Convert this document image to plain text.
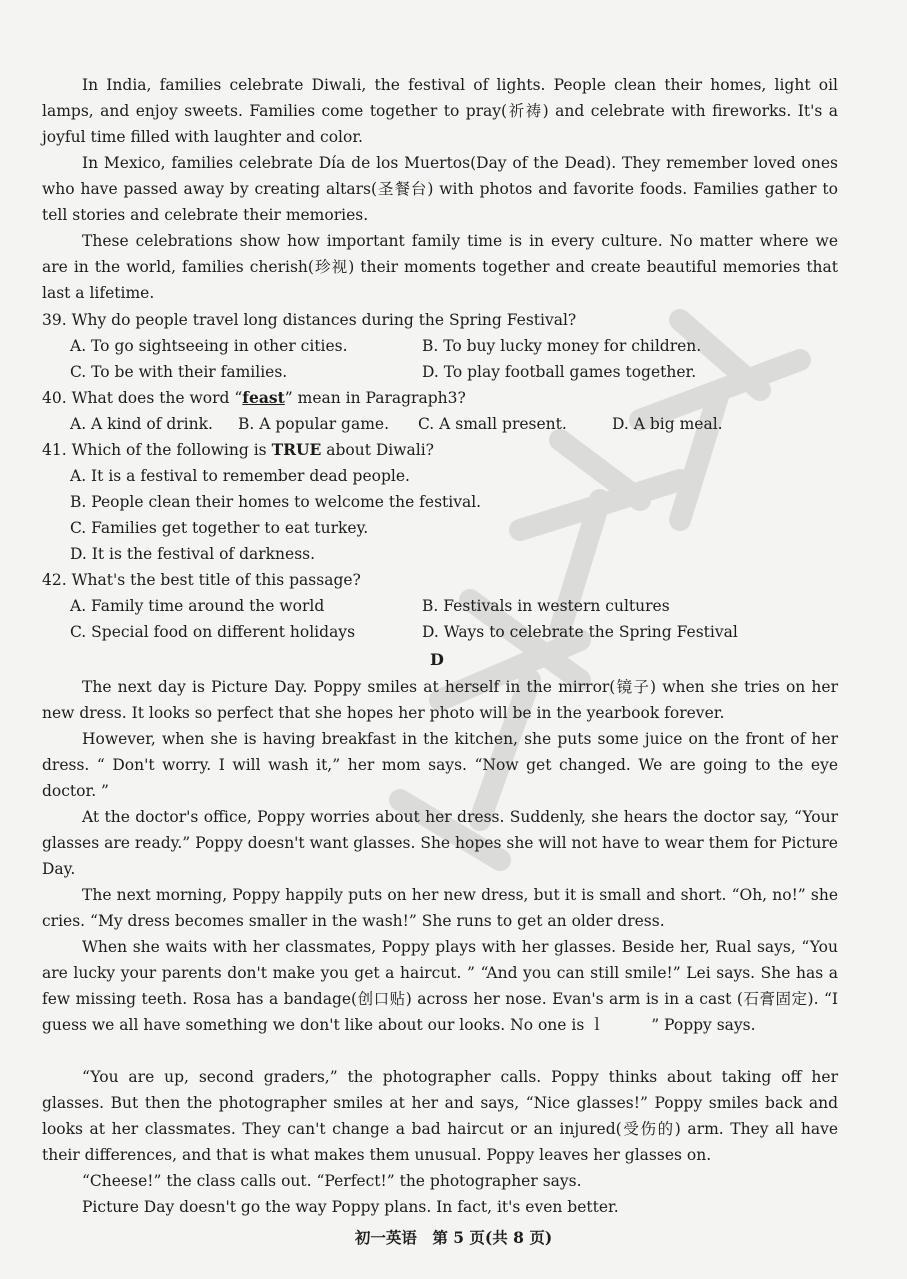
In India, families celebrate Diwali, the festival of lights. People clean their homes, light oil lamps, and enjoy sweets. Families come together to pray(祈祷) and celebrate with fireworks. It's a joyful time filled with laughter and color.

In Mexico, families celebrate Día de los Muertos(Day of the Dead). They remember loved ones who have passed away by creating altars(圣餐台) with photos and favorite foods. Families gather to tell stories and celebrate their memories.

These celebrations show how important family time is in every culture. No matter where we are in the world, families cherish(珍视) their moments together and create beautiful memories that last a lifetime.

39. Why do people travel long distances during the Spring Festival?
A. To go sightseeing in other cities.	B. To buy lucky money for children.
C. To be with their families.	D. To play football games together.
40. What does the word “feast” mean in Paragraph3?
A. A kind of drink. B. A popular game. C. A small present.	D. A big meal.
41. Which of the following is TRUE about Diwali?
A. It is a festival to remember dead people.
B. People clean their homes to welcome the festival.
C. Families get together to eat turkey.
D. It is the festival of darkness.
42. What's the best title of this passage?
A. Family time around the world	B. Festivals in western cultures
C. Special food on different holidays	D. Ways to celebrate the Spring Festival
D

The next day is Picture Day. Poppy smiles at herself in the mirror(镜子) when she tries on her new dress. It looks so perfect that she hopes her photo will be in the yearbook forever.

However, when she is having breakfast in the kitchen, she puts some juice on the front of her dress. “ Don't worry. I will wash it,” her mom says. “Now get changed. We are going to the eye doctor. ”

At the doctor's office, Poppy worries about her dress. Suddenly, she hears the doctor say, “Your glasses are ready.” Poppy doesn't want glasses. She hopes she will not have to wear them for Picture Day.

The next morning, Poppy happily puts on her new dress, but it is small and short. “Oh, no!” she cries. “My dress becomes smaller in the wash!” She runs to get an older dress.

When she waits with her classmates, Poppy plays with her glasses. Beside her, Rual says, “You are lucky your parents don't make you get a haircut. ” “And you can still smile!” Lei says. She has a few missing teeth. Rosa has a bandage(创口贴) across her nose. Evan's arm is in a cast (石膏固定). “I guess we all have something we don't like about our looks. No one is ｌ　　　” Poppy says.

“You are up, second graders,” the photographer calls. Poppy thinks about taking off her glasses. But then the photographer smiles at her and says, “Nice glasses!” Poppy smiles back and looks at her classmates. They can't change a bad haircut or an injured(受伤的) arm. They all have their differences, and that is what makes them unusual. Poppy leaves her glasses on.

“Cheese!” the class calls out. “Perfect!” the photographer says.

Picture Day doesn't go the way Poppy plans. In fact, it's even better.

初一英语　第 5 页(共 8 页)
